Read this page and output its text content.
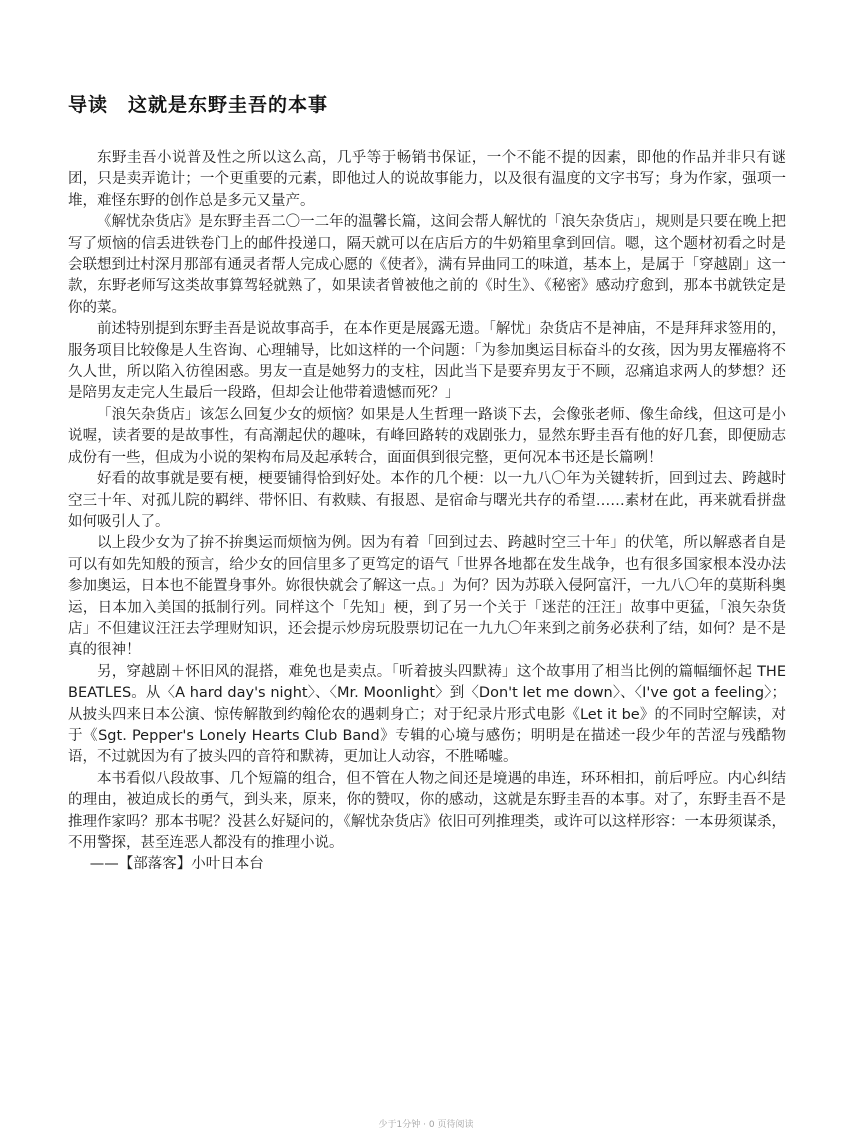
导读　这就是东野圭吾的本事

东野圭吾小说普及性之所以这么高，几乎等于畅销书保证，一个不能不提的因素，即他的作品并非只有谜团，只是卖弄诡计；一个更重要的元素，即他过人的说故事能力，以及很有温度的文字书写；身为作家，强项一堆，难怪东野的创作总是多元又量产。

《解忧杂货店》是东野圭吾二〇一二年的温馨长篇，这间会帮人解忧的「浪矢杂货店」，规则是只要在晚上把写了烦恼的信丢进铁卷门上的邮件投递口，隔天就可以在店后方的牛奶箱里拿到回信。嗯，这个题材初看之时是会联想到辻村深月那部有通灵者帮人完成心愿的《使者》，满有异曲同工的味道，基本上，是属于「穿越剧」这一款，东野老师写这类故事算驾轻就熟了，如果读者曾被他之前的《时生》、《秘密》感动疗愈到，那本书就铁定是你的菜。

前述特别提到东野圭吾是说故事高手，在本作更是展露无遗。「解忧」杂货店不是神庙，不是拜拜求签用的，服务项目比较像是人生咨询、心理辅导，比如这样的一个问题：「为参加奥运目标奋斗的女孩，因为男友罹癌将不久人世，所以陷入彷徨困惑。男友一直是她努力的支柱，因此当下是要弃男友于不顾，忍痛追求两人的梦想？还是陪男友走完人生最后一段路，但却会让他带着遗憾而死？」

「浪矢杂货店」该怎么回复少女的烦恼？如果是人生哲理一路谈下去，会像张老师、像生命线，但这可是小说喔，读者要的是故事性，有高潮起伏的趣味，有峰回路转的戏剧张力，显然东野圭吾有他的好几套，即便励志成份有一些，但成为小说的架构布局及起承转合，面面俱到很完整，更何况本书还是长篇咧！

好看的故事就是要有梗，梗要铺得恰到好处。本作的几个梗：以一九八〇年为关键转折，回到过去、跨越时空三十年、对孤儿院的羁绊、带怀旧、有救赎、有报恩、是宿命与曙光共存的希望……素材在此，再来就看拼盘如何吸引人了。

以上段少女为了拚不拚奥运而烦恼为例。因为有着「回到过去、跨越时空三十年」的伏笔，所以解惑者自是可以有如先知般的预言，给少女的回信里多了更笃定的语气「世界各地都在发生战争，也有很多国家根本没办法参加奥运，日本也不能置身事外。妳很快就会了解这一点。」为何？因为苏联入侵阿富汗，一九八〇年的莫斯科奥运，日本加入美国的抵制行列。同样这个「先知」梗，到了另一个关于「迷茫的汪汪」故事中更猛，「浪矢杂货店」不但建议汪汪去学理财知识，还会提示炒房玩股票切记在一九九〇年来到之前务必获利了结，如何？是不是真的很神！

另，穿越剧＋怀旧风的混搭，难免也是卖点。「听着披头四默祷」这个故事用了相当比例的篇幅缅怀起 THE BEATLES。从〈A hard day's night〉、〈Mr. Moonlight〉到〈Don't let me down〉、〈I've got a feeling〉；从披头四来日本公演、惊传解散到约翰伦农的遇刺身亡；对于纪录片形式电影《Let it be》的不同时空解读，对于《Sgt. Pepper's Lonely Hearts Club Band》专辑的心境与感伤；明明是在描述一段少年的苦涩与残酷物语，不过就因为有了披头四的音符和默祷，更加让人动容，不胜唏嘘。

本书看似八段故事、几个短篇的组合，但不管在人物之间还是境遇的串连，环环相扣，前后呼应。内心纠结的理由，被迫成长的勇气，到头来，原来，你的赞叹，你的感动，这就是东野圭吾的本事。对了，东野圭吾不是推理作家吗？那本书呢？没甚么好疑问的，《解忧杂货店》依旧可列推理类，或许可以这样形容：一本毋须谋杀，不用警探，甚至连恶人都没有的推理小说。

——【部落客】小叶日本台

少于1分钟 · 0 页待阅读
